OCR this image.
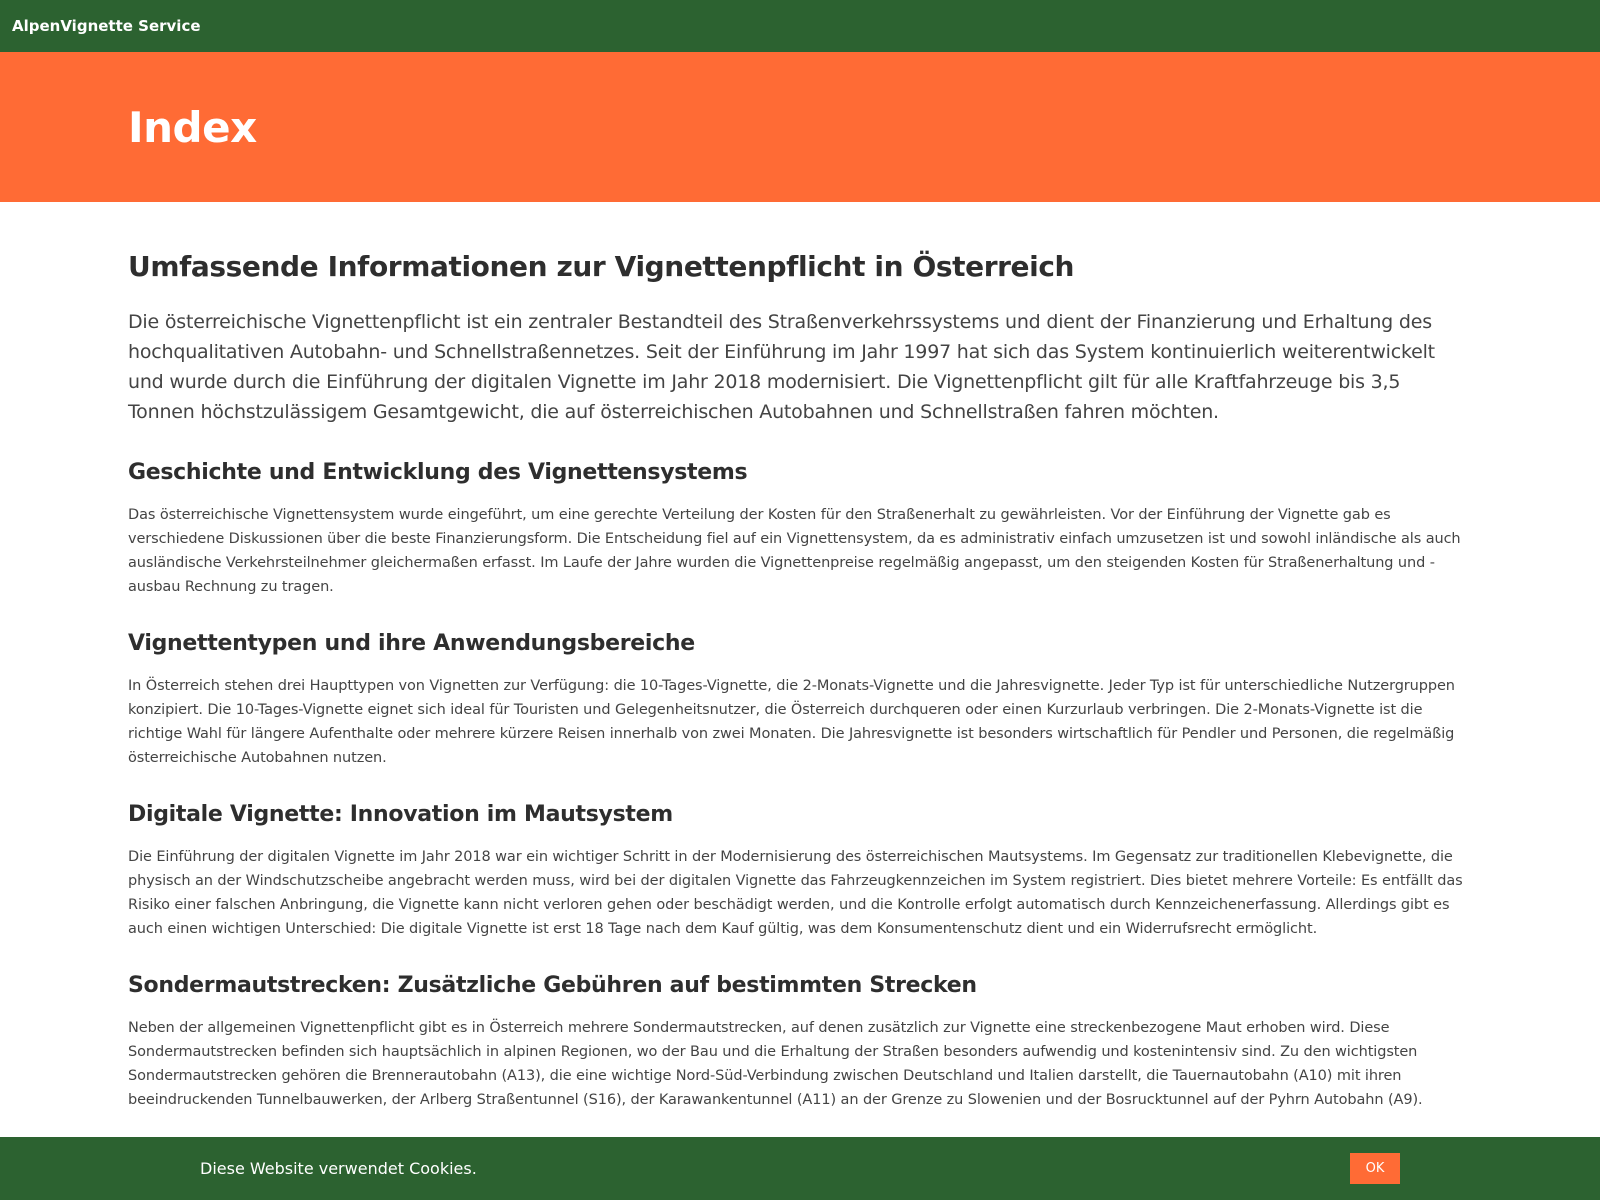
AlpenVignette Service
Index
Umfassende Informationen zur Vignettenpflicht in Österreich

Die österreichische Vignettenpflicht ist ein zentraler Bestandteil des Straßenverkehrssystems und dient der Finanzierung und Erhaltung des hochqualitativen Autobahn- und Schnellstraßennetzes. Seit der Einführung im Jahr 1997 hat sich das System kontinuierlich weiterentwickelt und wurde durch die Einführung der digitalen Vignette im Jahr 2018 modernisiert. Die Vignettenpflicht gilt für alle Kraftfahrzeuge bis 3,5 Tonnen höchstzulässigem Gesamtgewicht, die auf österreichischen Autobahnen und Schnellstraßen fahren möchten.

Geschichte und Entwicklung des Vignettensystems

Das österreichische Vignettensystem wurde eingeführt, um eine gerechte Verteilung der Kosten für den Straßenerhalt zu gewährleisten. Vor der Einführung der Vignette gab es verschiedene Diskussionen über die beste Finanzierungsform. Die Entscheidung fiel auf ein Vignettensystem, da es administrativ einfach umzusetzen ist und sowohl inländische als auch ausländische Verkehrsteilnehmer gleichermaßen erfasst. Im Laufe der Jahre wurden die Vignettenpreise regelmäßig angepasst, um den steigenden Kosten für Straßenerhaltung und -ausbau Rechnung zu tragen.

Vignettentypen und ihre Anwendungsbereiche

In Österreich stehen drei Haupttypen von Vignetten zur Verfügung: die 10-Tages-Vignette, die 2-Monats-Vignette und die Jahresvignette. Jeder Typ ist für unterschiedliche Nutzergruppen konzipiert. Die 10-Tages-Vignette eignet sich ideal für Touristen und Gelegenheitsnutzer, die Österreich durchqueren oder einen Kurzurlaub verbringen. Die 2-Monats-Vignette ist die richtige Wahl für längere Aufenthalte oder mehrere kürzere Reisen innerhalb von zwei Monaten. Die Jahresvignette ist besonders wirtschaftlich für Pendler und Personen, die regelmäßig österreichische Autobahnen nutzen.

Digitale Vignette: Innovation im Mautsystem

Die Einführung der digitalen Vignette im Jahr 2018 war ein wichtiger Schritt in der Modernisierung des österreichischen Mautsystems. Im Gegensatz zur traditionellen Klebevignette, die physisch an der Windschutzscheibe angebracht werden muss, wird bei der digitalen Vignette das Fahrzeugkennzeichen im System registriert. Dies bietet mehrere Vorteile: Es entfällt das Risiko einer falschen Anbringung, die Vignette kann nicht verloren gehen oder beschädigt werden, und die Kontrolle erfolgt automatisch durch Kennzeichenerfassung. Allerdings gibt es auch einen wichtigen Unterschied: Die digitale Vignette ist erst 18 Tage nach dem Kauf gültig, was dem Konsumentenschutz dient und ein Widerrufsrecht ermöglicht.

Sondermautstrecken: Zusätzliche Gebühren auf bestimmten Strecken

Neben der allgemeinen Vignettenpflicht gibt es in Österreich mehrere Sondermautstrecken, auf denen zusätzlich zur Vignette eine streckenbezogene Maut erhoben wird. Diese Sondermautstrecken befinden sich hauptsächlich in alpinen Regionen, wo der Bau und die Erhaltung der Straßen besonders aufwendig und kostenintensiv sind. Zu den wichtigsten Sondermautstrecken gehören die Brennerautobahn (A13), die eine wichtige Nord-Süd-Verbindung zwischen Deutschland und Italien darstellt, die Tauernautobahn (A10) mit ihren beeindruckenden Tunnelbauwerken, der Arlberg Straßentunnel (S16), der Karawankentunnel (A11) an der Grenze zu Slowenien und der Bosrucktunnel auf der Pyhrn Autobahn (A9).

Diese Website verwendet Cookies.	OK
